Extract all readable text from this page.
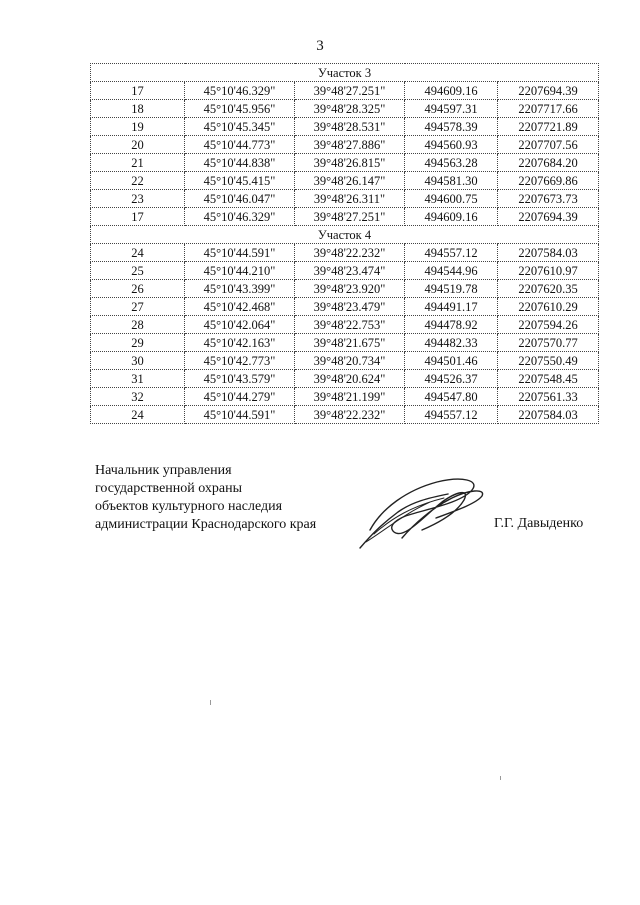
3
Участок 3				
17	45°10'46.329"	39°48'27.251"	494609.16	2207694.39
18	45°10'45.956"	39°48'28.325"	494597.31	2207717.66
19	45°10'45.345"	39°48'28.531"	494578.39	2207721.89
20	45°10'44.773"	39°48'27.886"	494560.93	2207707.56
21	45°10'44.838"	39°48'26.815"	494563.28	2207684.20
22	45°10'45.415"	39°48'26.147"	494581.30	2207669.86
23	45°10'46.047"	39°48'26.311"	494600.75	2207673.73
17	45°10'46.329"	39°48'27.251"	494609.16	2207694.39
Участок 4				
24	45°10'44.591"	39°48'22.232"	494557.12	2207584.03
25	45°10'44.210"	39°48'23.474"	494544.96	2207610.97
26	45°10'43.399"	39°48'23.920"	494519.78	2207620.35
27	45°10'42.468"	39°48'23.479"	494491.17	2207610.29
28	45°10'42.064"	39°48'22.753"	494478.92	2207594.26
29	45°10'42.163"	39°48'21.675"	494482.33	2207570.77
30	45°10'42.773"	39°48'20.734"	494501.46	2207550.49
31	45°10'43.579"	39°48'20.624"	494526.37	2207548.45
32	45°10'44.279"	39°48'21.199"	494547.80	2207561.33
24	45°10'44.591"	39°48'22.232"	494557.12	2207584.03
Начальник управления
государственной охраны
объектов культурного наследия
администрации Краснодарского края	Г.Г. Давыденко
